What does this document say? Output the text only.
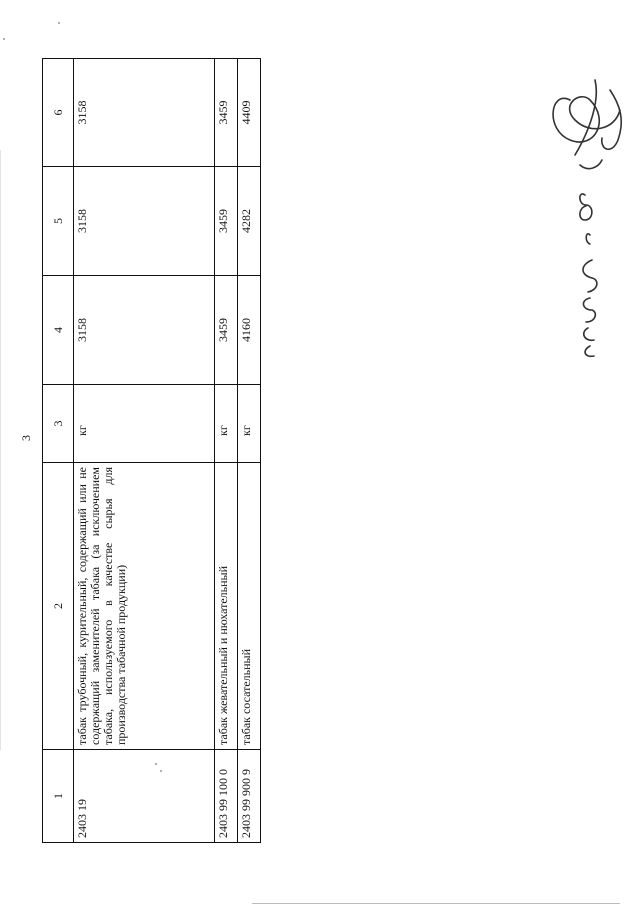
3
1	2	3	4	5	6
2403 19	табак трубочный, курительный, содержащий или не содержащий заменителей табака (за исключением табака, используемого в качестве сырья для производства табачной продукции)	кг	3158	3158	3158
2403 99 100 0	табак жевательный и нюхательный	кг	3459	3459	3459
2403 99 900 9	табак сосательный	кг	4160	4282	4409
